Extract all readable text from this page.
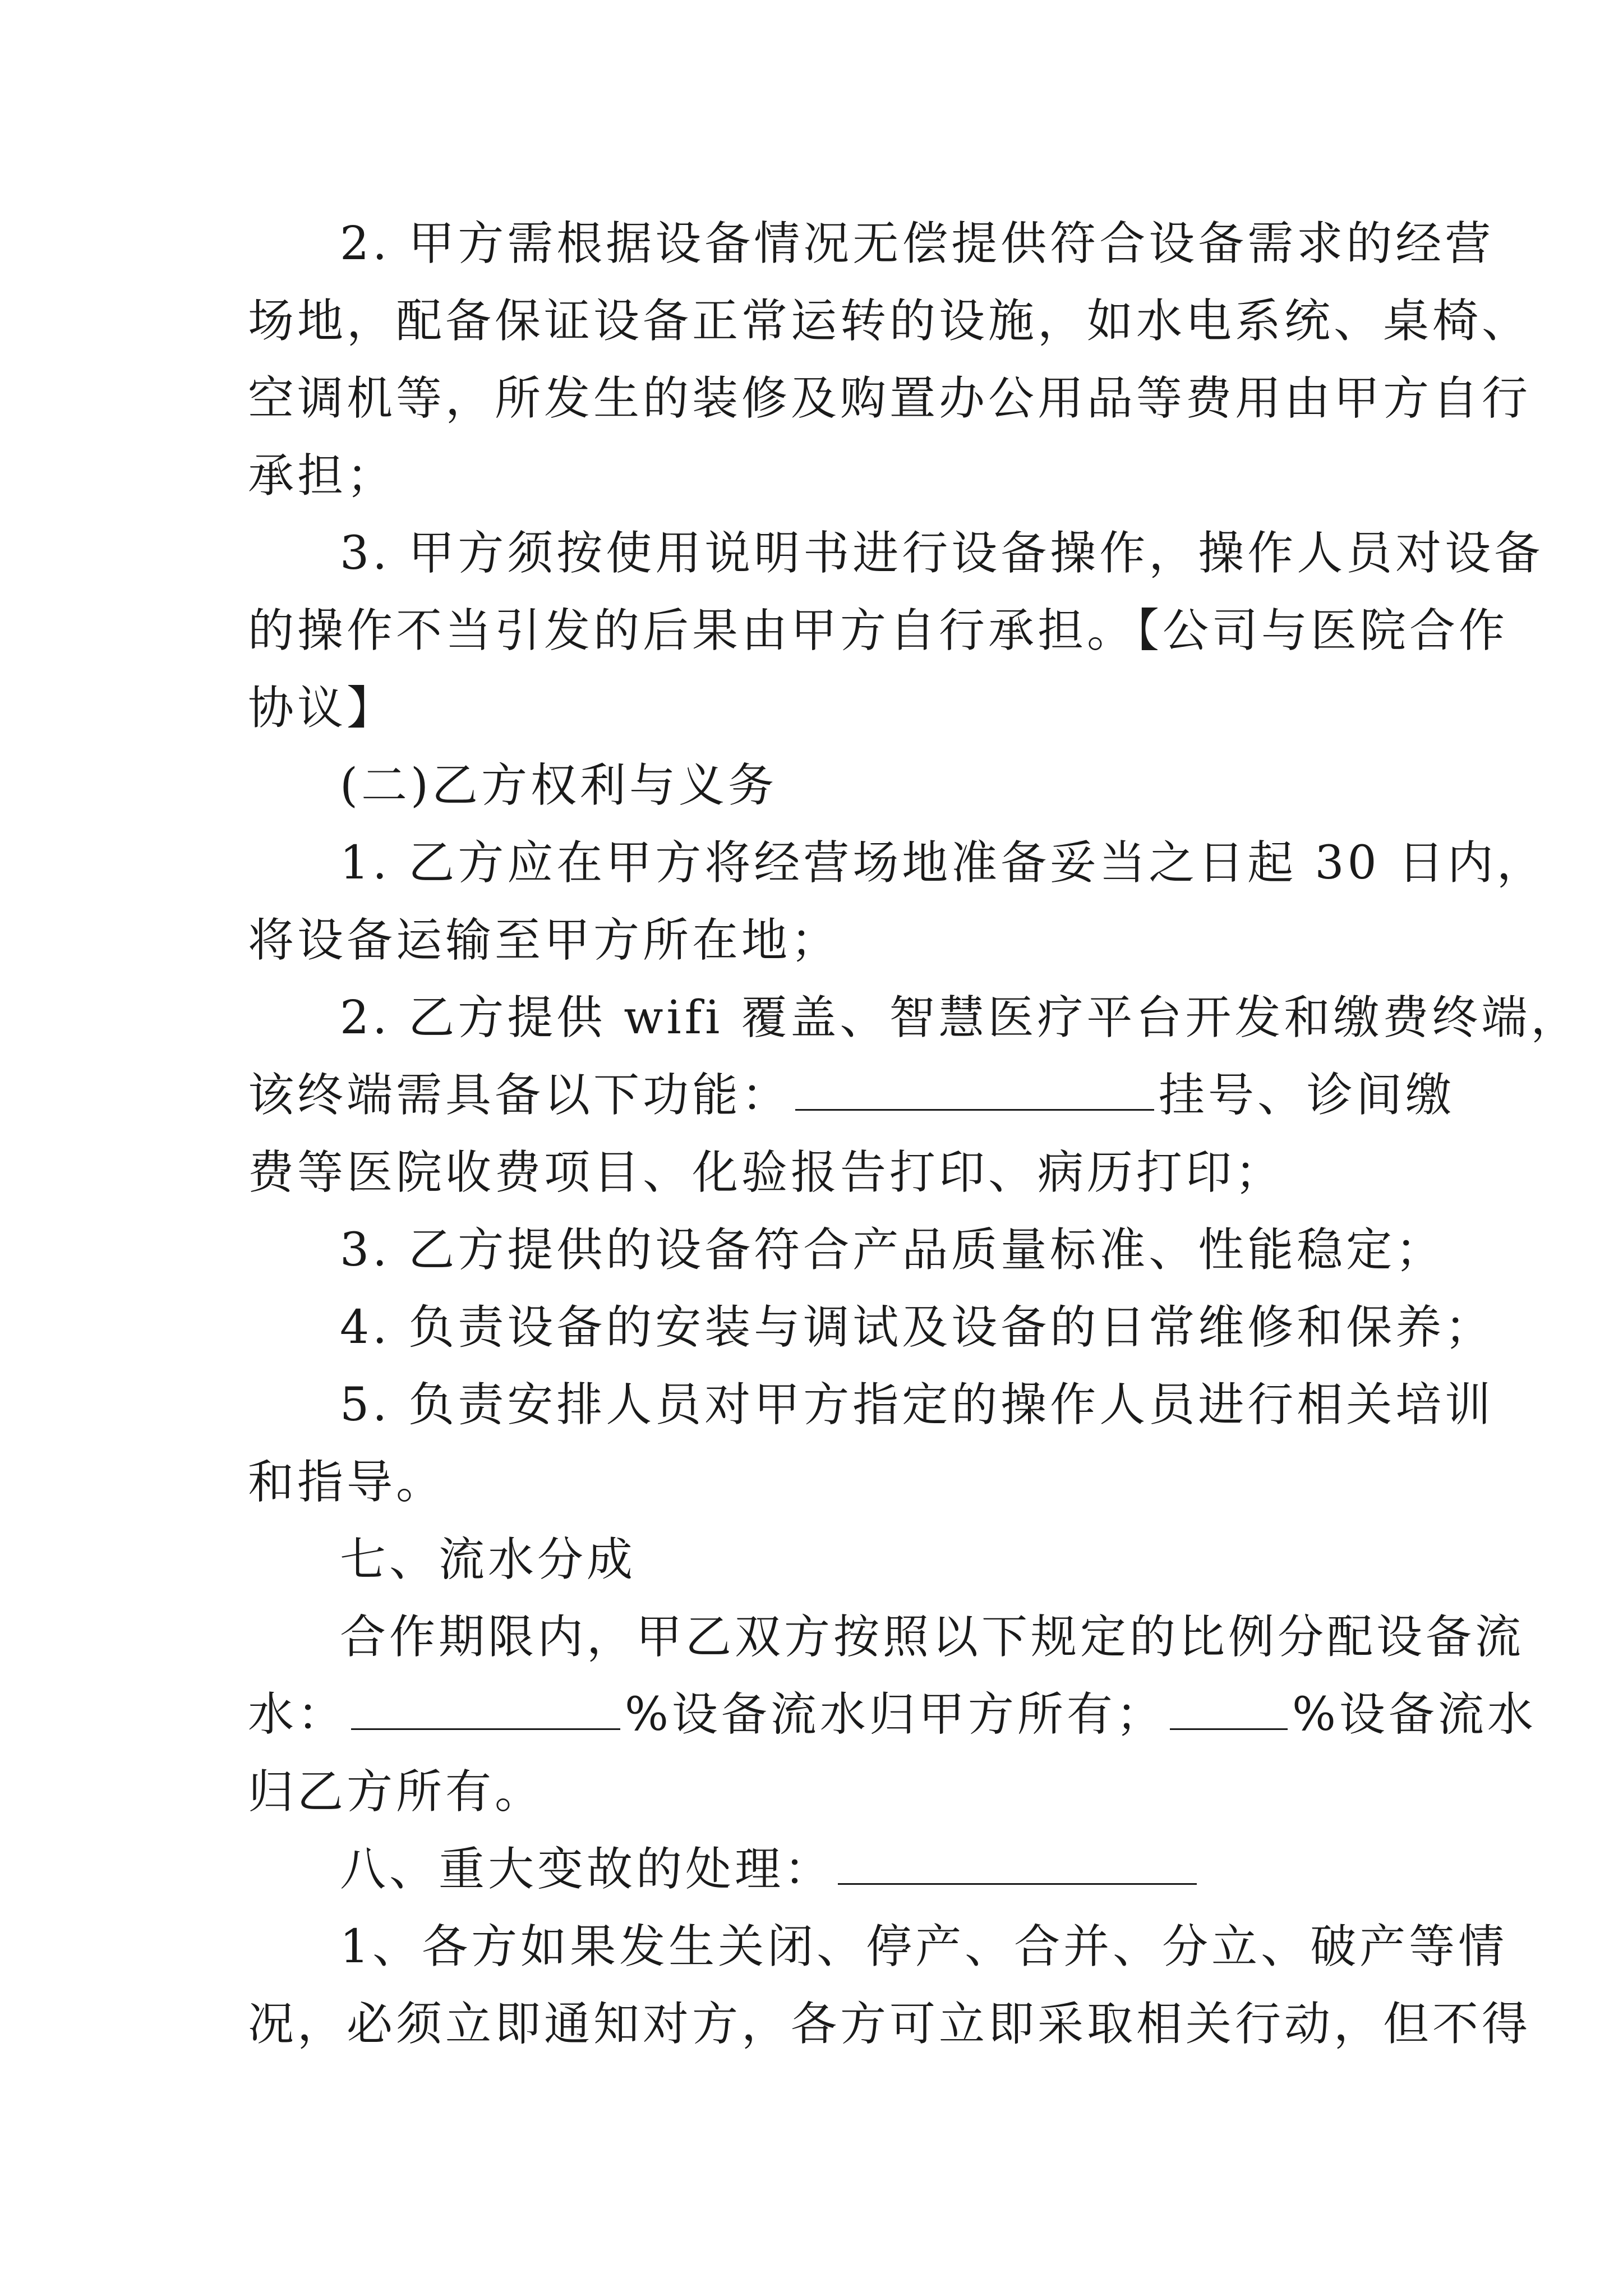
2. 甲方需根据设备情况无偿提供符合设备需求的经营
场地，配备保证设备正常运转的设施，如水电系统、桌椅、
空调机等，所发生的装修及购置办公用品等费用由甲方自行
承担；
3. 甲方须按使用说明书进行设备操作，操作人员对设备
的操作不当引发的后果由甲方自行承担。【公司与医院合作
协议】
(二)乙方权利与义务
1. 乙方应在甲方将经营场地准备妥当之日起 30 日内，
将设备运输至甲方所在地；
2. 乙方提供 wifi 覆盖、智慧医疗平台开发和缴费终端，
该终端需具备以下功能：	挂号、诊间缴
费等医院收费项目、化验报告打印、病历打印；
3. 乙方提供的设备符合产品质量标准、性能稳定；
4. 负责设备的安装与调试及设备的日常维修和保养；
5. 负责安排人员对甲方指定的操作人员进行相关培训
和指导。
七、流水分成
合作期限内，甲乙双方按照以下规定的比例分配设备流
水：	%设备流水归甲方所有；	%设备流水
归乙方所有。
八、重大变故的处理：
1、各方如果发生关闭、停产、合并、分立、破产等情
况，必须立即通知对方，各方可立即采取相关行动，但不得
